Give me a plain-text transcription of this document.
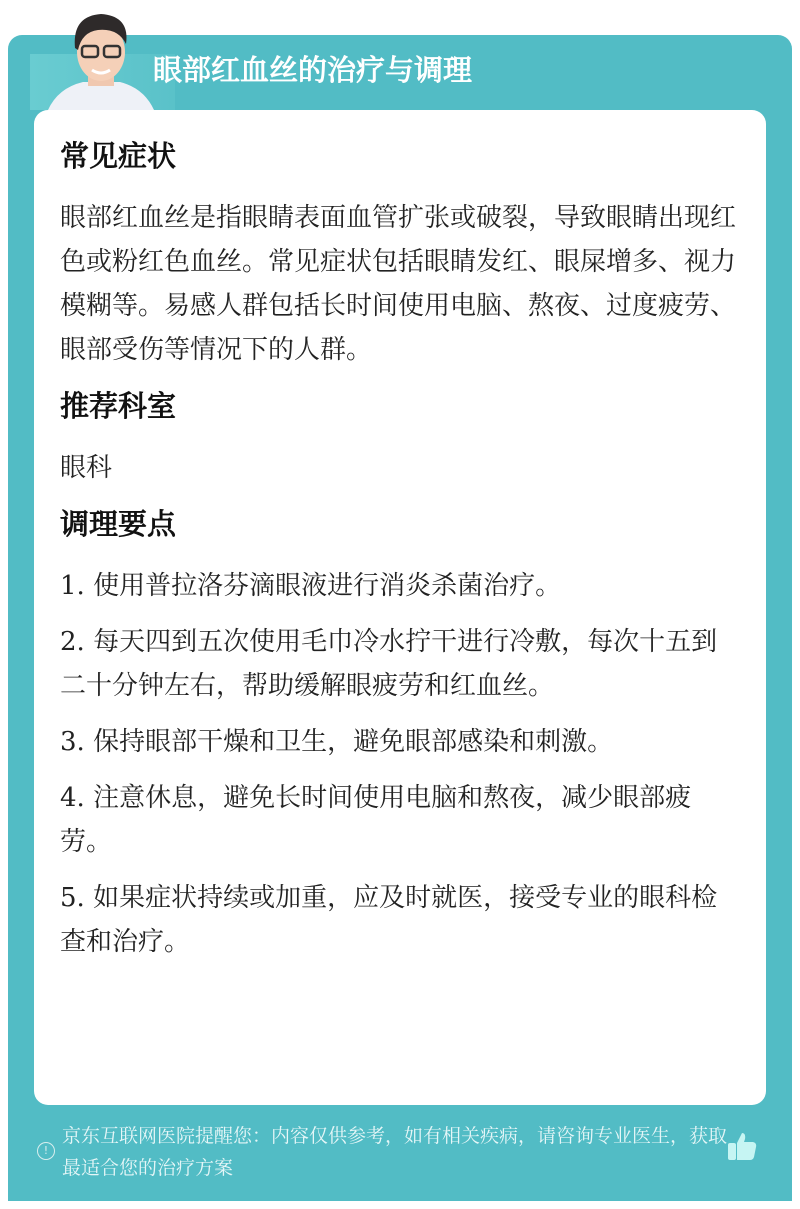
眼部红血丝的治疗与调理
常见症状

眼部红血丝是指眼睛表面血管扩张或破裂，导致眼睛出现红色或粉红色血丝。常见症状包括眼睛发红、眼屎增多、视力模糊等。易感人群包括长时间使用电脑、熬夜、过度疲劳、眼部受伤等情况下的人群。

推荐科室

眼科

调理要点

1. 使用普拉洛芬滴眼液进行消炎杀菌治疗。

2. 每天四到五次使用毛巾冷水拧干进行冷敷，每次十五到二十分钟左右，帮助缓解眼疲劳和红血丝。

3. 保持眼部干燥和卫生，避免眼部感染和刺激。

4. 注意休息，避免长时间使用电脑和熬夜，减少眼部疲劳。

5. 如果症状持续或加重，应及时就医，接受专业的眼科检查和治疗。

!
京东互联网医院提醒您：内容仅供参考，如有相关疾病，请咨询专业医生，获取最适合您的治疗方案
